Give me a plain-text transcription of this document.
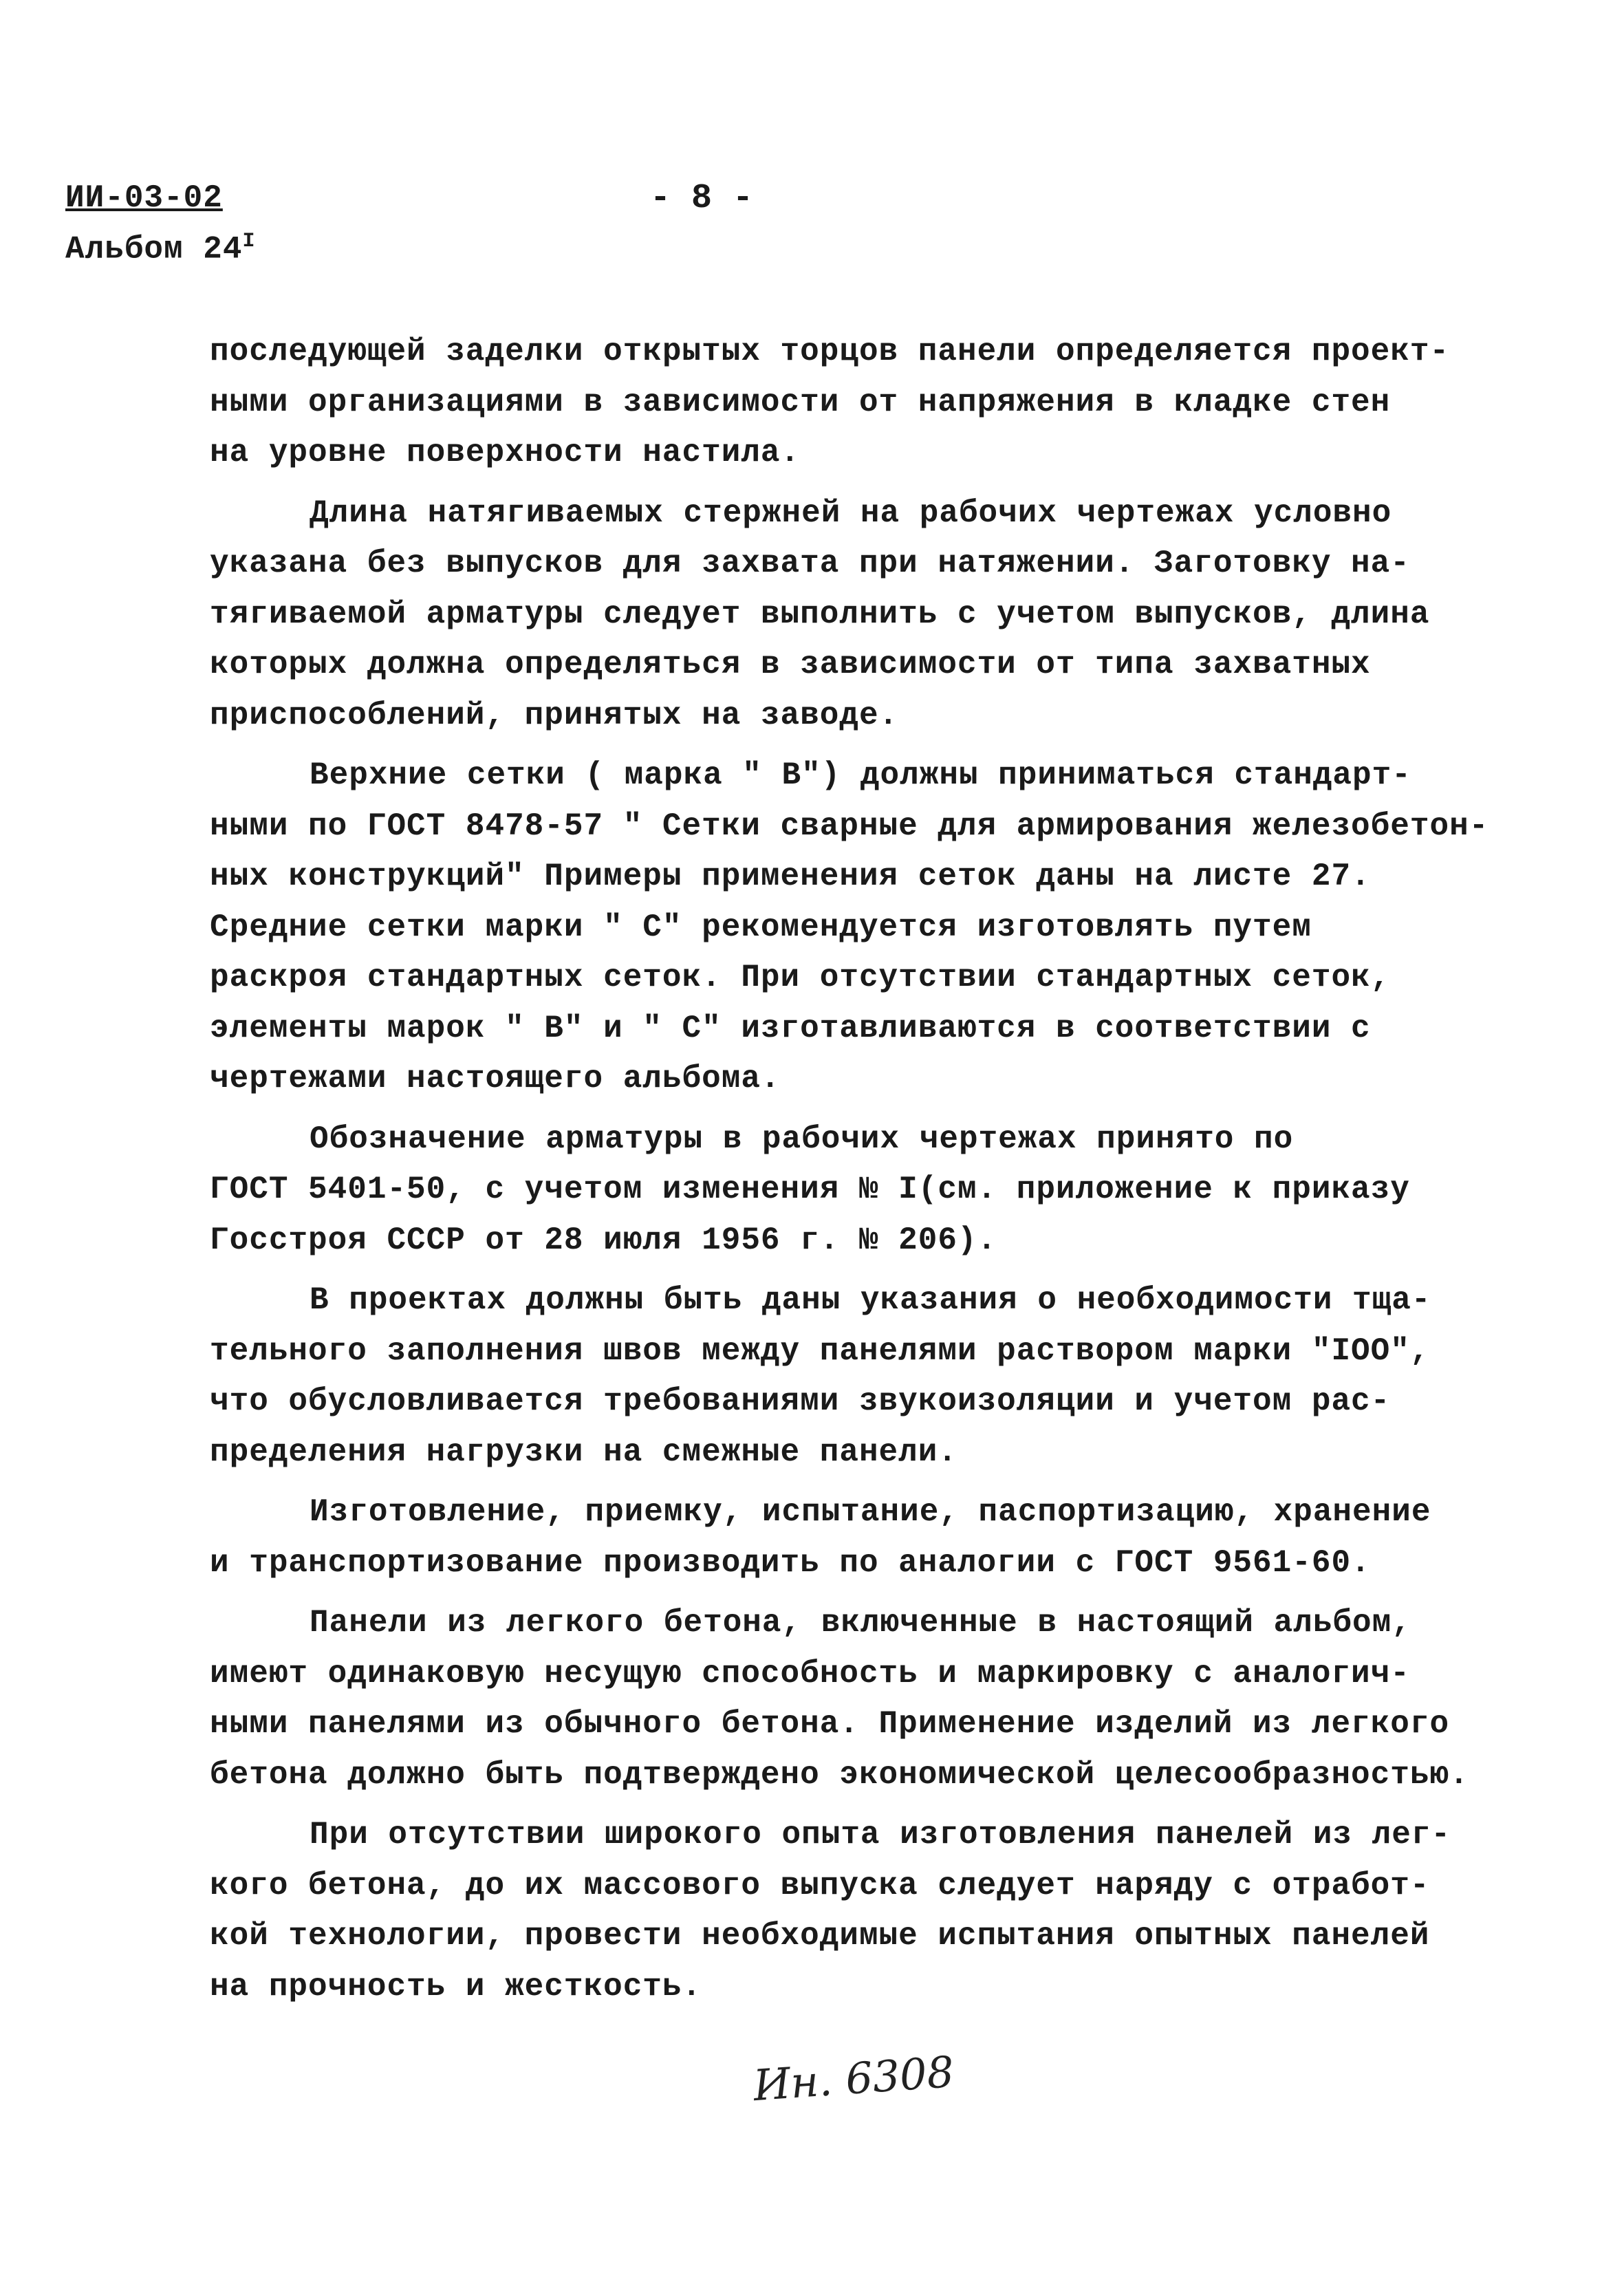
ИИ-03-02
Альбом $24^I$
- 8 -
последующей заделки открытых торцов панели определяется проект-
ными организациями в зависимости от напряжения в кладке стен
на уровне поверхности настила.
Длина натягиваемых стержней на рабочих чертежах условно
указана без выпусков для захвата при натяжении. Заготовку на-
тягиваемой арматуры следует выполнить с учетом выпусков, длина
которых должна определяться в зависимости от типа захватных
приспособлений, принятых на заводе.
Верхние сетки ( марка " В") должны приниматься стандарт-
ными по ГОСТ 8478-57 " Сетки сварные для армирования железобетон-
ных конструкций" Примеры применения сеток даны на листе 27.
Средние сетки марки " С" рекомендуется изготовлять путем
раскроя стандартных сеток. При отсутствии стандартных сеток,
элементы марок " В" и " С" изготавливаются в соответствии с
чертежами настоящего альбома.
Обозначение арматуры в рабочих чертежах принято по
ГОСТ 5401-50, с учетом изменения № I(см. приложение к приказу
Госстроя СССР от 28 июля 1956 г. № 206).
В проектах должны быть даны указания о необходимости тща-
тельного заполнения швов между панелями раствором марки "IOO",
что обусловливается требованиями звукоизоляции и учетом рас-
пределения нагрузки на смежные панели.
Изготовление, приемку, испытание, паспортизацию, хранение
и транспортизование производить по аналогии с ГОСТ 9561-60.
Панели из легкого бетона, включенные в настоящий альбом,
имеют одинаковую несущую способность и маркировку с аналогич-
ными панелями из обычного бетона. Применение изделий из легкого
бетона должно быть подтверждено экономической целесообразностью.
При отсутствии широкого опыта изготовления панелей из лег-
кого бетона, до их массового выпуска следует наряду с отработ-
кой технологии, провести необходимые испытания опытных панелей
на прочность и жесткость.
Ин. 6308
